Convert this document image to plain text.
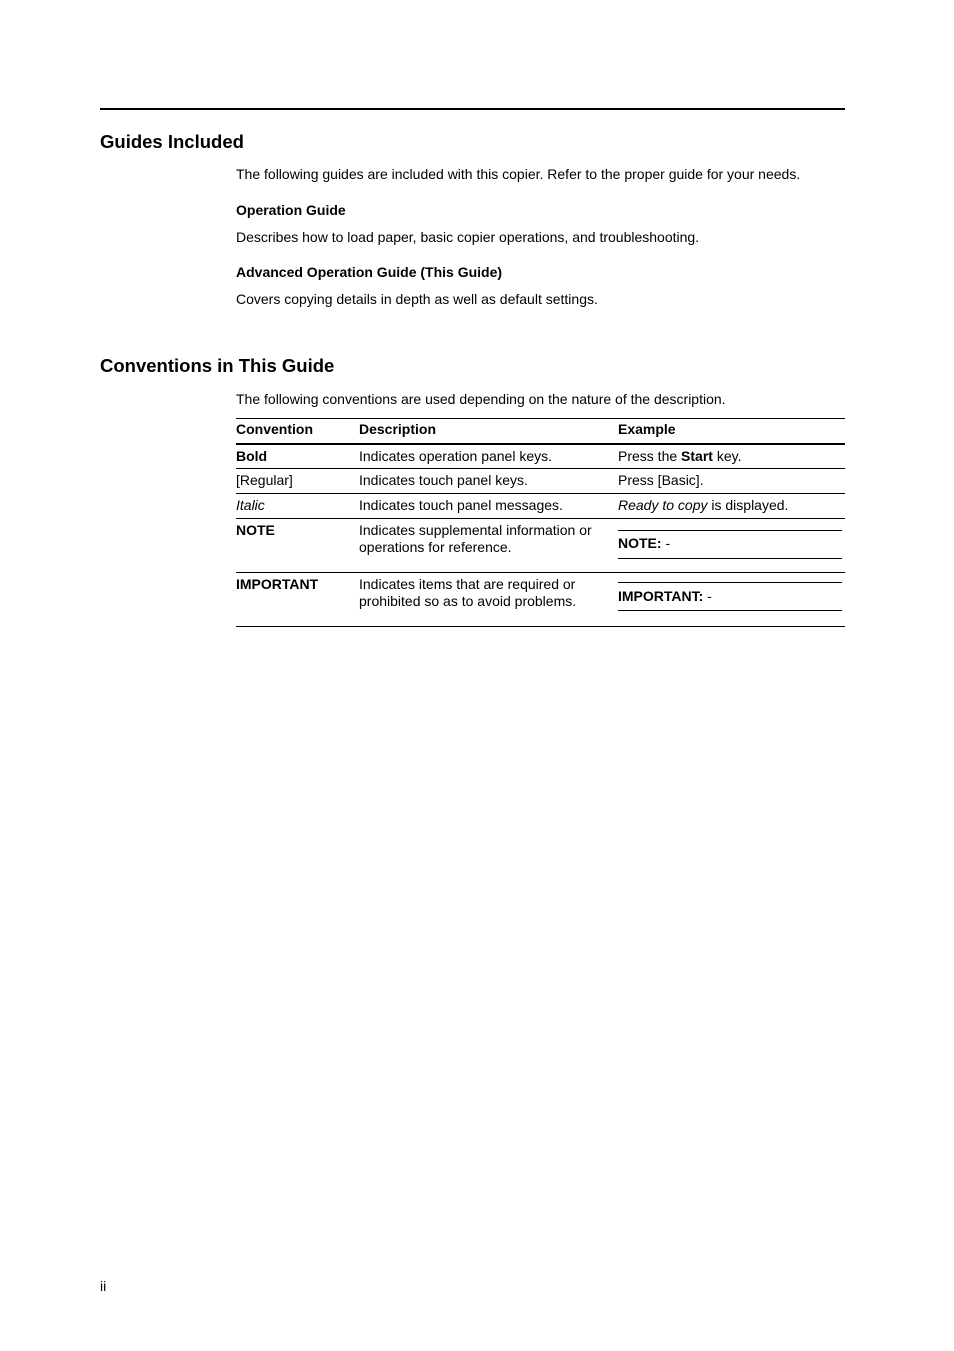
Guides Included

The following guides are included with this copier. Refer to the proper guide for your needs.

Operation Guide

Describes how to load paper, basic copier operations, and troubleshooting.

Advanced Operation Guide (This Guide)

Covers copying details in depth as well as default settings.

Conventions in This Guide

The following conventions are used depending on the nature of the description.

Convention	Description	Example
Bold	Indicates operation panel keys.	Press the Start key.
[Regular]	Indicates touch panel keys.	Press [Basic].
Italic	Indicates touch panel messages.	Ready to copy is displayed.
NOTE	Indicates supplemental information or operations for reference.	NOTE: -

IMPORTANT	Indicates items that are required or prohibited so as to avoid problems.	IMPORTANT: -
ii
